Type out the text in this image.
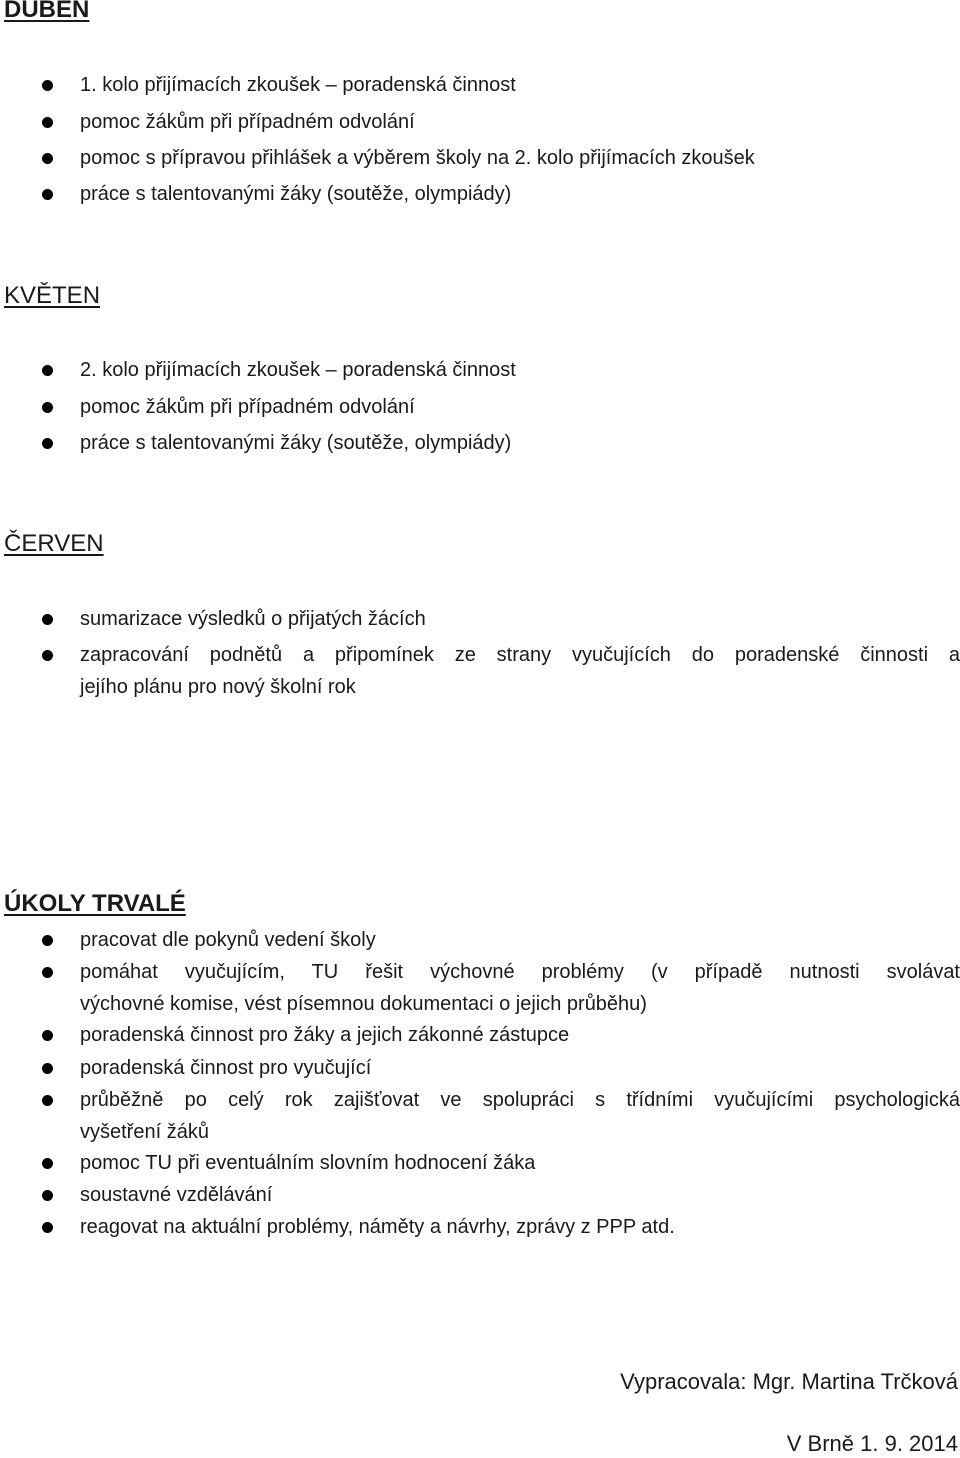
DUBEN

1. kolo přijímacích zkoušek – poradenská činnost

pomoc žákům při případném odvolání

pomoc s přípravou přihlášek a výběrem školy na 2. kolo přijímacích zkoušek

práce s talentovanými žáky (soutěže, olympiády)

KVĚTEN

2. kolo přijímacích zkoušek – poradenská činnost

pomoc žákům při případném odvolání

práce s talentovanými žáky (soutěže, olympiády)

ČERVEN

sumarizace výsledků o přijatých žácích

zapracování podnětů a připomínek ze strany vyučujících do poradenské činnosti a
jejího plánu pro nový školní rok

ÚKOLY TRVALÉ

pracovat dle pokynů vedení školy

pomáhat vyučujícím, TU řešit výchovné problémy (v případě nutnosti svolávat
výchovné komise, vést písemnou dokumentaci o jejich průběhu)

poradenská činnost pro žáky a jejich zákonné zástupce

poradenská činnost pro vyučující

průběžně po celý rok zajišťovat ve spolupráci s třídními vyučujícími psychologická
vyšetření žáků

pomoc TU při eventuálním slovním hodnocení žáka

soustavné vzdělávání

reagovat na aktuální problémy, náměty a návrhy, zprávy z PPP atd.

Vypracovala: Mgr. Martina Trčková

V Brně 1. 9. 2014
